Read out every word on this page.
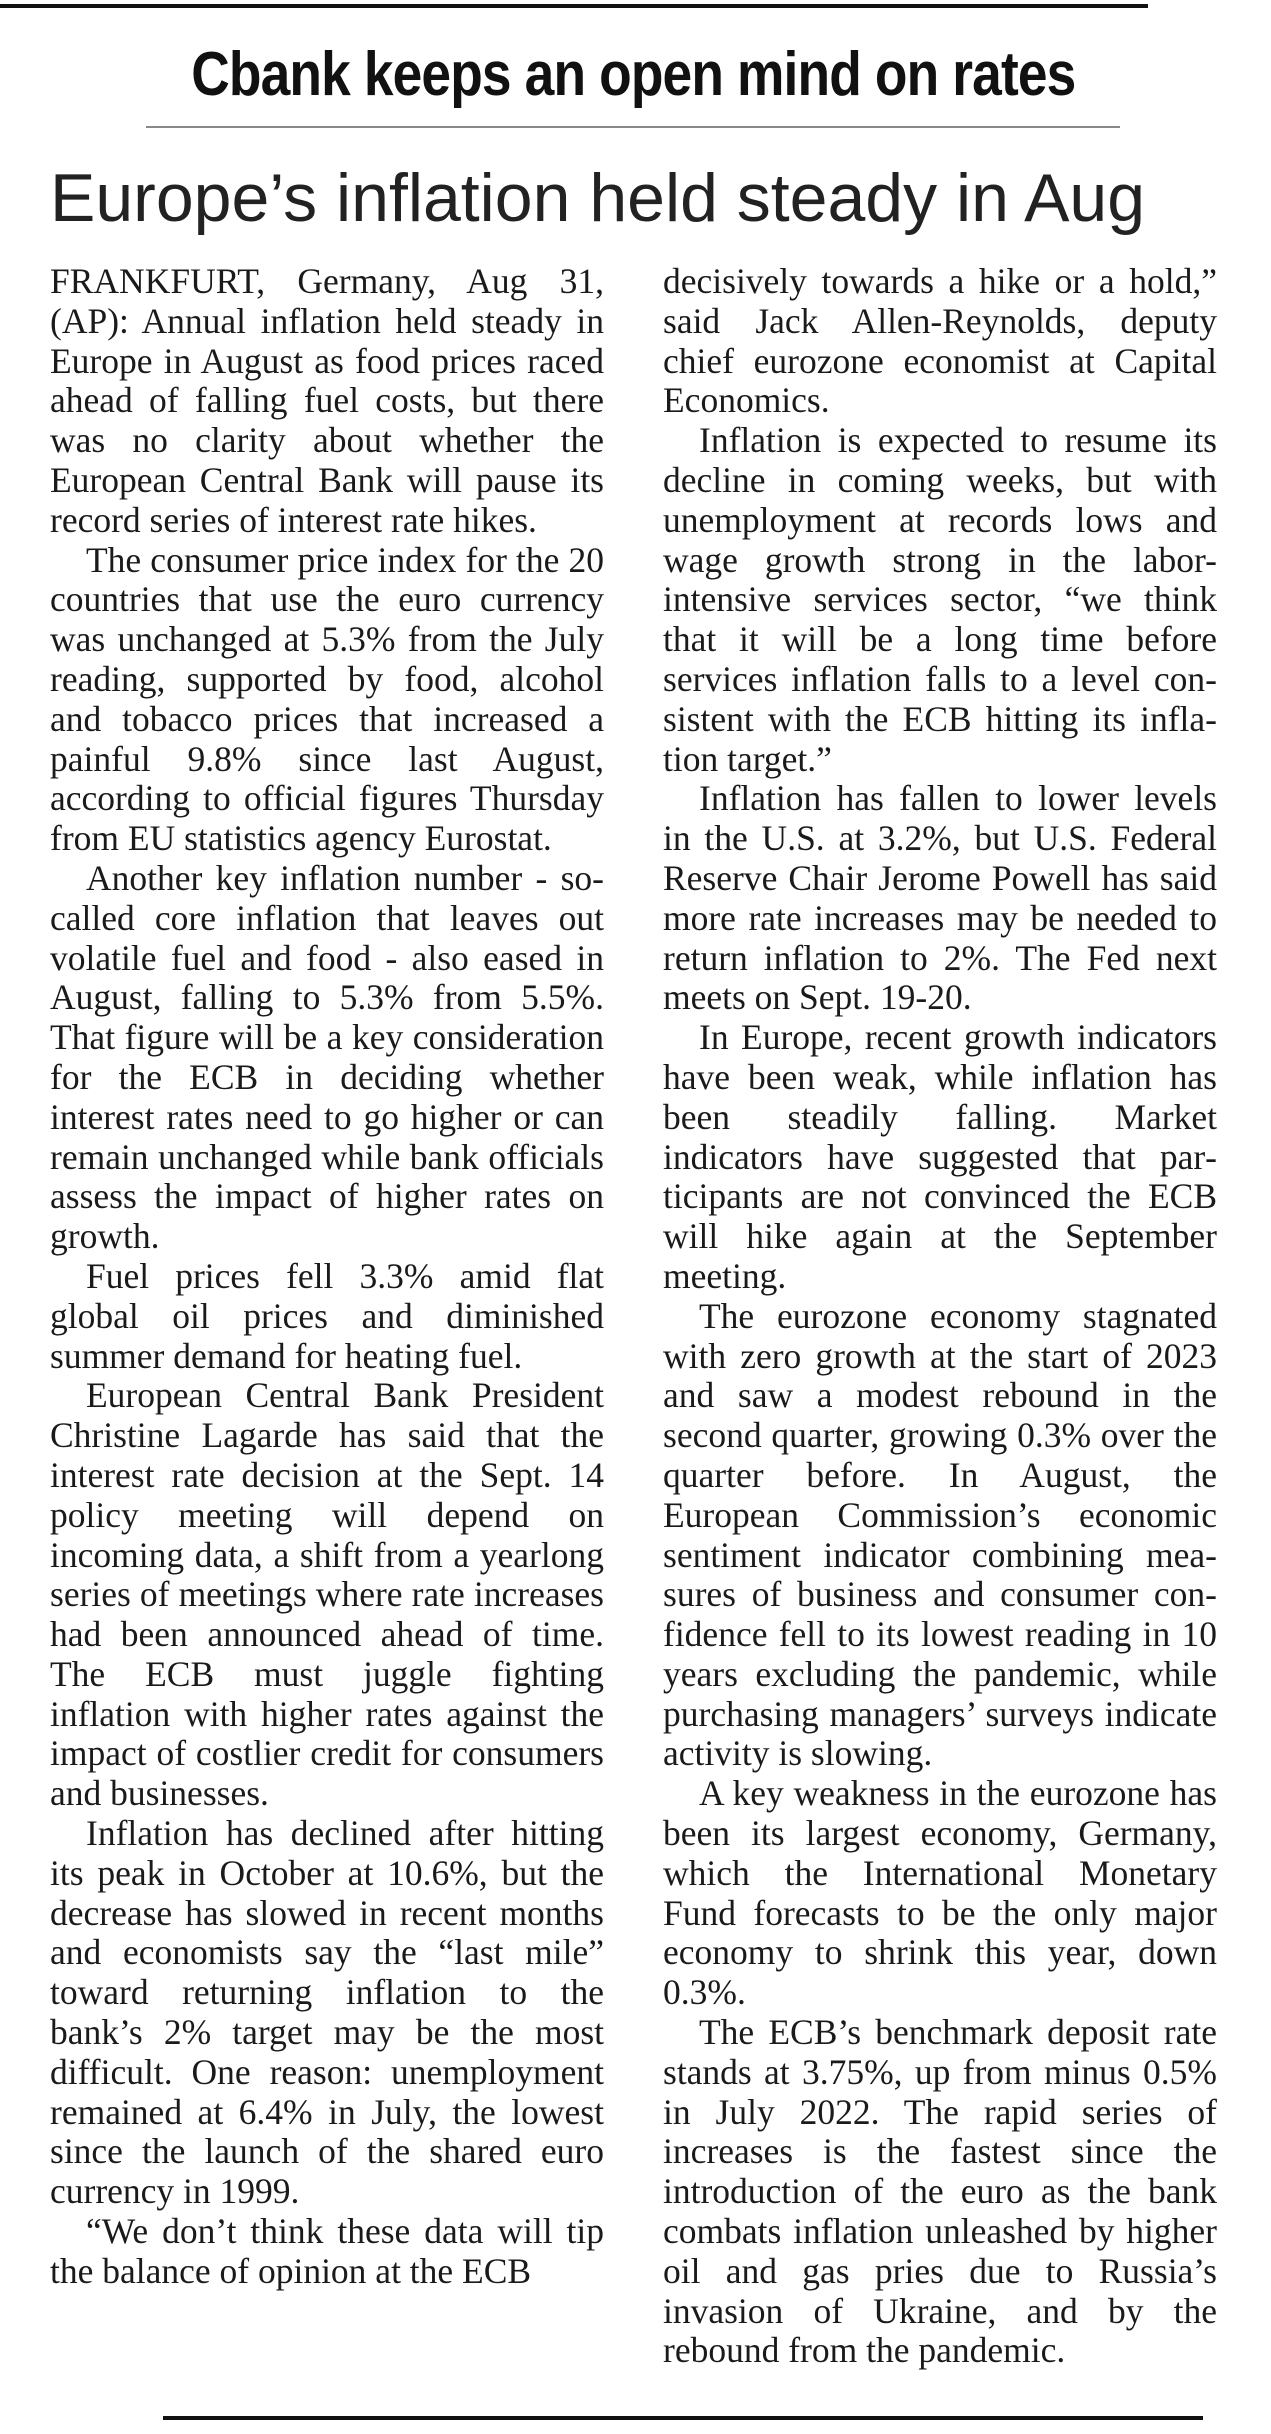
Cbank keeps an open mind on rates
Europe’s inflation held steady in Aug

FRANKFURT, Germany, Aug 31, (AP): Annual inflation held steady in Europe in August as food prices raced ahead of falling fuel costs, but there was no clarity about whether the European Central Bank will pause its record series of interest rate hikes.

The consumer price index for the 20 countries that use the euro currency was unchanged at 5.3% from the July reading, supported by food, alcohol and tobacco prices that increased a painful 9.8% since last August, according to official figures Thursday from EU statistics agency Eurostat.

Another key inflation number - so-called core inflation that leaves out volatile fuel and food - also eased in August, falling to 5.3% from 5.5%. That figure will be a key consideration for the ECB in deciding whether interest rates need to go higher or can remain unchanged while bank officials assess the impact of higher rates on growth.

Fuel prices fell 3.3% amid flat global oil prices and diminished summer demand for heating fuel.

European Central Bank President Christine Lagarde has said that the interest rate decision at the Sept. 14 policy meeting will depend on incoming data, a shift from a yearlong series of meetings where rate increases had been announced ahead of time. The ECB must juggle fighting inflation with higher rates against the impact of costlier credit for consumers and businesses.

Inflation has declined after hitting its peak in October at 10.6%, but the decrease has slowed in recent months and economists say the “last mile” toward returning inflation to the bank’s 2% target may be the most difficult. One reason: unemployment remained at 6.4% in July, the lowest since the launch of the shared euro currency in 1999.

“We don’t think these data will tip the balance of opinion at the ECB

decisively towards a hike or a hold,” said Jack Allen-Reynolds, deputy chief eurozone economist at Capital Economics.

Inflation is expected to resume its decline in coming weeks, but with unemployment at records lows and wage growth strong in the labor-intensive services sector, “we think that it will be a long time before services inflation falls to a level consistent with the ECB hitting its inflation target.”

Inflation has fallen to lower levels in the U.S. at 3.2%, but U.S. Federal Reserve Chair Jerome Powell has said more rate increases may be needed to return inflation to 2%. The Fed next meets on Sept. 19-20.

In Europe, recent growth indicators have been weak, while inflation has been steadily falling. Market indicators have suggested that participants are not convinced the ECB will hike again at the September meeting.

The eurozone economy stagnated with zero growth at the start of 2023 and saw a modest rebound in the second quarter, growing 0.3% over the quarter before. In August, the European Commission’s economic sentiment indicator combining measures of business and consumer confidence fell to its lowest reading in 10 years excluding the pandemic, while purchasing managers’ surveys indicate activity is slowing.

A key weakness in the eurozone has been its largest economy, Germany, which the International Monetary Fund forecasts to be the only major economy to shrink this year, down 0.3%.

The ECB’s benchmark deposit rate stands at 3.75%, up from minus 0.5% in July 2022. The rapid series of increases is the fastest since the introduction of the euro as the bank combats inflation unleashed by higher oil and gas pries due to Russia’s invasion of Ukraine, and by the rebound from the pandemic.
